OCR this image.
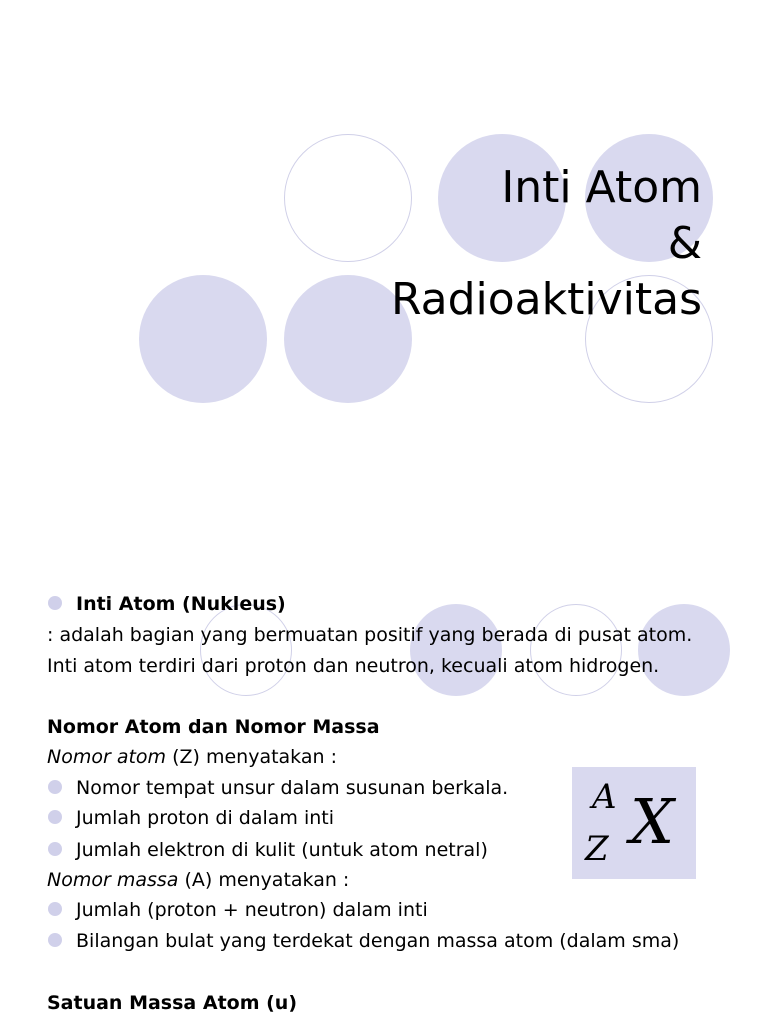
Inti Atom
&
Radioaktivitas
Inti Atom (Nukleus)

: adalah bagian yang bermuatan positif yang berada di pusat atom.

Inti atom terdiri dari proton dan neutron, kecuali atom hidrogen.

Nomor Atom dan Nomor Massa

Nomor atom (Z) menyatakan :

Nomor tempat unsur dalam susunan berkala.
Jumlah proton di dalam inti
Jumlah elektron di kulit (untuk atom netral)

Nomor massa (A) menyatakan :

Jumlah (proton + neutron) dalam inti
Bilangan bulat yang terdekat dengan massa atom (dalam sma)
A
Z X

Satuan Massa Atom (u)
